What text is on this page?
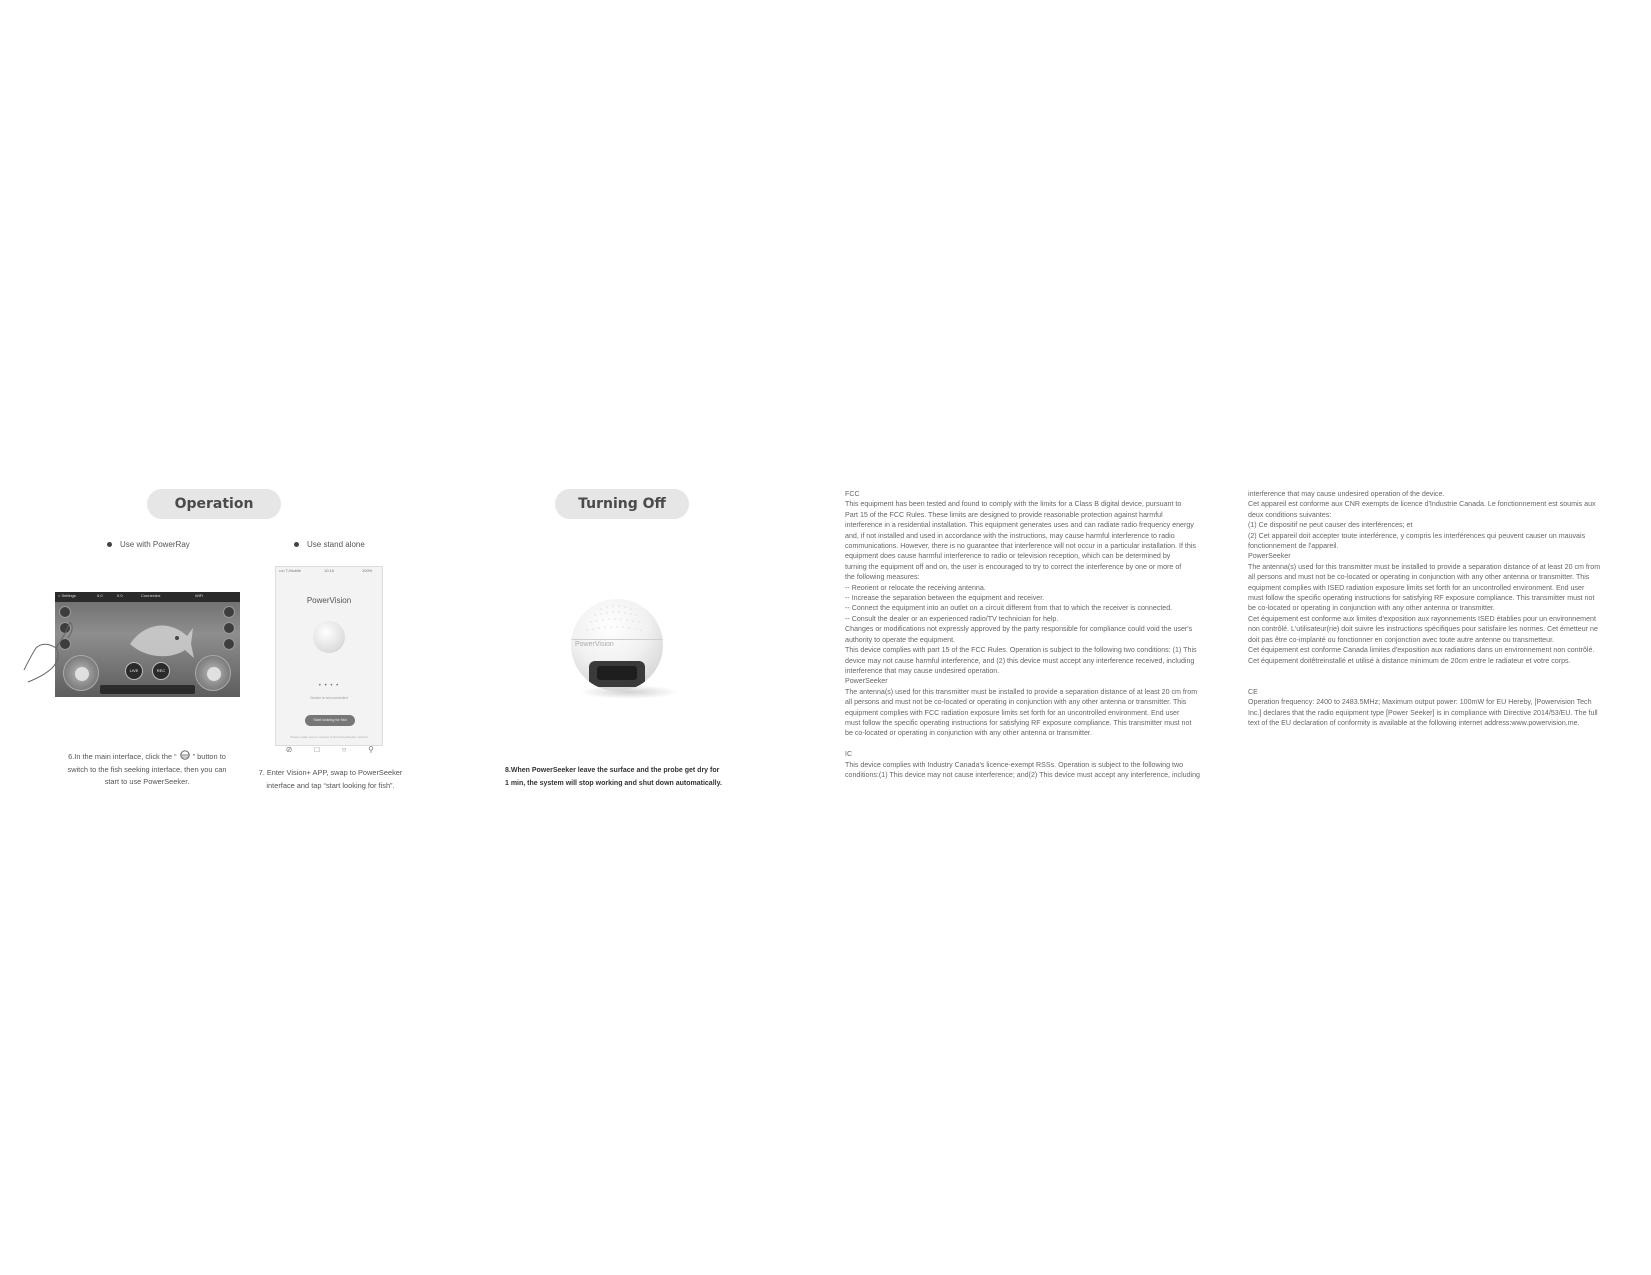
Operation
Use with PowerRay	Use stand alone
< Settings	0.0	0.0	Connected	WiFi
LIVE	REC
•••• T-Mobile	10:16	100%
PowerVision
• • • •
Device is not connected
Start looking for fish
Please make sure to connect to the PowerSeeker network
⊘	□	○	⚲
6.In the main interface, click the “ ” button to
switch to the fish seeking interface, then you can
start to use PowerSeeker.
7. Enter Vision+ APP, swap to PowerSeeker
interface and tap “start looking for fish”.
Turning Off
PowerVision
8.When PowerSeeker leave the surface and the probe get dry for
1 min, the system will stop working and shut down automatically.
FCC
This equipment has been tested and found to comply with the limits for a Class B digital device, pursuant to
Part 15 of the FCC Rules. These limits are designed to provide reasonable protection against harmful
interference in a residential installation. This equipment generates uses and can radiate radio frequency energy
and, if not installed and used in accordance with the instructions, may cause harmful interference to radio
communications. However, there is no guarantee that interference will not occur in a particular installation. If this
equipment does cause harmful interference to radio or television reception, which can be determined by
turning the equipment off and on, the user is encouraged to try to correct the interference by one or more of
the following measures:
-- Reorient or relocate the receiving antenna.
-- Increase the separation between the equipment and receiver.
-- Connect the equipment into an outlet on a circuit different from that to which the receiver is connected.
-- Consult the dealer or an experienced radio/TV technician for help.
Changes or modifications not expressly approved by the party responsible for compliance could void the user's
authority to operate the equipment.
This device complies with part 15 of the FCC Rules. Operation is subject to the following two conditions: (1) This
device may not cause harmful interference, and (2) this device must accept any interference received, including
interference that may cause undesired operation.
PowerSeeker
The antenna(s) used for this transmitter must be installed to provide a separation distance of at least 20 cm from
all persons and must not be co-located or operating in conjunction with any other antenna or transmitter. This
equipment complies with FCC radiation exposure limits set forth for an uncontrolled environment. End user
must follow the specific operating instructions for satisfying RF exposure compliance. This transmitter must not
be co-located or operating in conjunction with any other antenna or transmitter.
IC
This device complies with Industry Canada's licence-exempt RSSs. Operation is subject to the following two
conditions:(1) This device may not cause interference; and(2) This device must accept any interference, including
interference that may cause undesired operation of the device.
Cet appareil est conforme aux CNR exempts de licence d'Industrie Canada. Le fonctionnement est soumis aux
deux conditions suivantes:
(1) Ce dispositif ne peut causer des interférences; et
(2) Cet appareil doit accepter toute interférence, y compris les interférences qui peuvent causer un mauvais
fonctionnement de l'appareil.
PowerSeeker
The antenna(s) used for this transmitter must be installed to provide a separation distance of at least 20 cm from
all persons and must not be co-located or operating in conjunction with any other antenna or transmitter. This
equipment complies with ISED radiation exposure limits set forth for an uncontrolled environment. End user
must follow the specific operating instructions for satisfying RF exposure compliance. This transmitter must not
be co-located or operating in conjunction with any other antenna or transmitter.
Cet équipement est conforme aux limites d'exposition aux rayonnements ISED établies pour un environnement
non contrôlé. L'utilisateur(rie) doit suivre les instructions spécifiques pour satisfaire les normes. Cet émetteur ne
doit pas être co-implanté ou fonctionner en conjonction avec toute autre antenne ou transmetteur.
Cet équipement est conforme Canada limites d'exposition aux radiations dans un environnement non contrôlé.
Cet équipement doitêtreinstallé et utilisé à distance minimum de 20cm entre le radiateur et votre corps.
CE
Operation frequency: 2400 to 2483.5MHz; Maximum output power: 100mW for EU Hereby, [Powervision Tech
Inc.] declares that the radio equipment type [Power Seeker] is in compliance with Directive 2014/53/EU. The full
text of the EU declaration of conformity is available at the following internet address:www.powervision.me.
